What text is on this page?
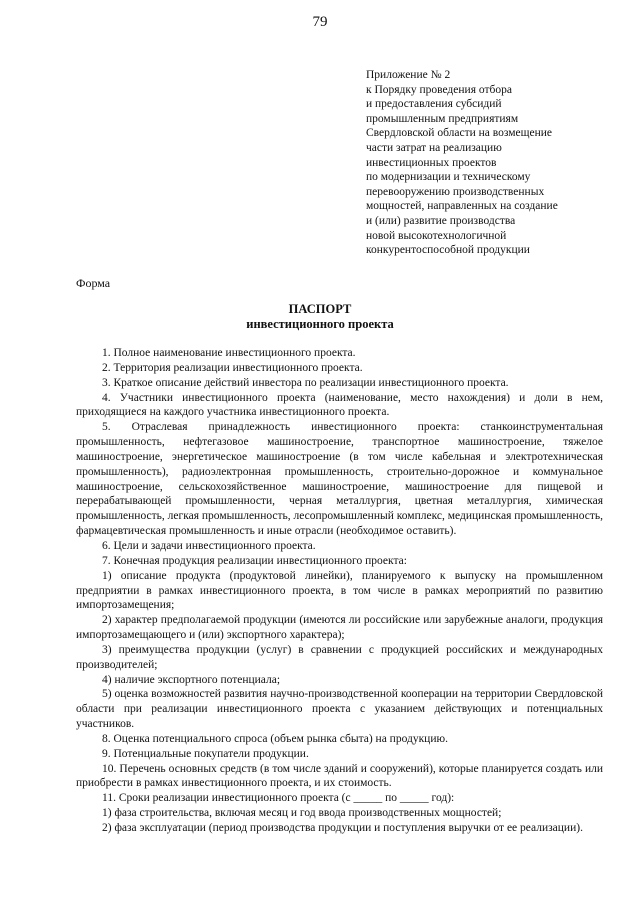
79
Приложение № 2
к Порядку проведения отбора
и предоставления субсидий
промышленным предприятиям
Свердловской области на возмещение
части затрат на реализацию
инвестиционных проектов
по модернизации и техническому
перевооружению производственных
мощностей, направленных на создание
и (или) развитие производства
новой высокотехнологичной
конкурентоспособной продукции
Форма
ПАСПОРТ
инвестиционного проекта

1. Полное наименование инвестиционного проекта.

2. Территория реализации инвестиционного проекта.

3. Краткое описание действий инвестора по реализации инвестиционного проекта.

4. Участники инвестиционного проекта (наименование, место нахождения) и доли в нем, приходящиеся на каждого участника инвестиционного проекта.

5. Отраслевая принадлежность инвестиционного проекта: станкоинструментальная промышленность, нефтегазовое машиностроение, транспортное машиностроение, тяжелое машиностроение, энергетическое машиностроение (в том числе кабельная и электротехническая промышленность), радиоэлектронная промышленность, строительно-дорожное и коммунальное машиностроение, сельскохозяйственное машиностроение, машиностроение для пищевой и перерабатывающей промышленности, черная металлургия, цветная металлургия, химическая промышленность, легкая промышленность, лесопромышленный комплекс, медицинская промышленность, фармацевтическая промышленность и иные отрасли (необходимое оставить).

6. Цели и задачи инвестиционного проекта.

7. Конечная продукция реализации инвестиционного проекта:

1) описание продукта (продуктовой линейки), планируемого к выпуску на промышленном предприятии в рамках инвестиционного проекта, в том числе в рамках мероприятий по развитию импортозамещения;

2) характер предполагаемой продукции (имеются ли российские или зарубежные аналоги, продукция импортозамещающего и (или) экспортного характера);

3) преимущества продукции (услуг) в сравнении с продукцией российских и международных производителей;

4) наличие экспортного потенциала;

5) оценка возможностей развития научно-производственной кооперации на территории Свердловской области при реализации инвестиционного проекта с указанием действующих и потенциальных участников.

8. Оценка потенциального спроса (объем рынка сбыта) на продукцию.

9. Потенциальные покупатели продукции.

10. Перечень основных средств (в том числе зданий и сооружений), которые планируется создать или приобрести в рамках инвестиционного проекта, и их стоимость.

11. Сроки реализации инвестиционного проекта (с _____ по _____ год):

1) фаза строительства, включая месяц и год ввода производственных мощностей;

2) фаза эксплуатации (период производства продукции и поступления выручки от ее реализации).
